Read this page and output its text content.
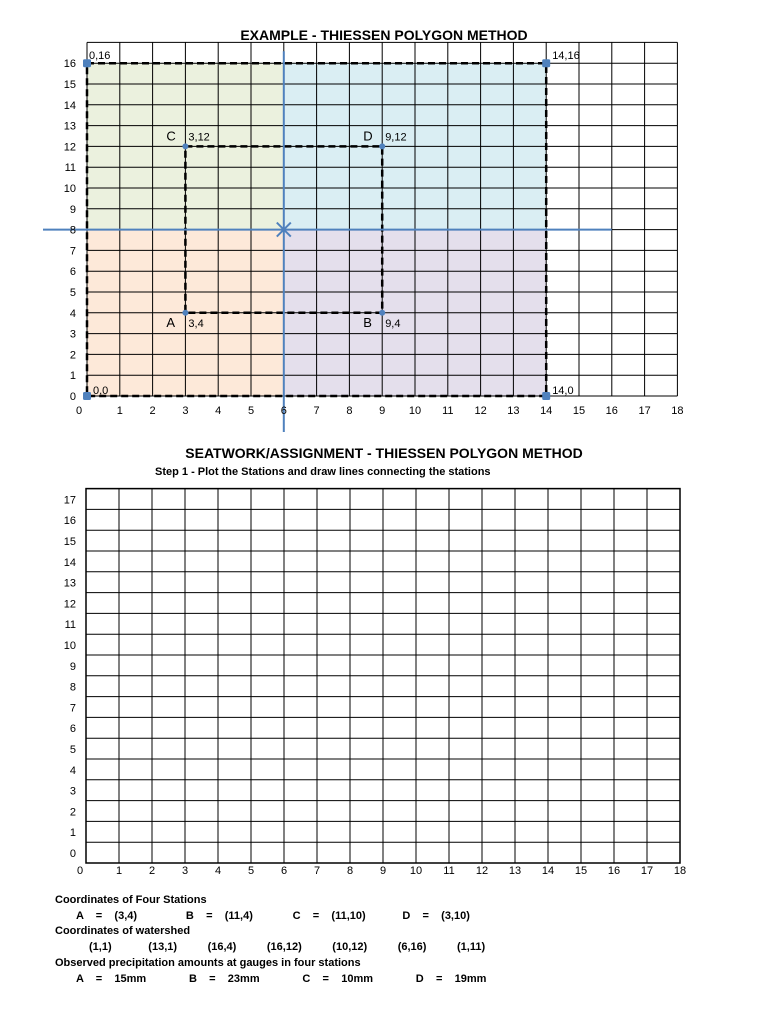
EXAMPLE - THIESSEN POLYGON METHOD
SEATWORK/ASSIGNMENT - THIESSEN POLYGON METHOD
Step 1 - Plot the Stations and draw lines connecting the stations
0,0
0,16	14,16
14,0
A 3,4	B 9,4
C 3,12	D 9,12
0	1 2 3 4 5 6 7 8 9 10 11 12 13 14 15 16 17 18
0
1
2
3
4
5
6
7
8
9
10
11
12
13
14
15
16
0	1 2 3 4 5 6 7 8 9 10 11 12 13 14 15 16 17 18
0
1
2
3
4
5
6
7
8
9
10
11
12
13
14
15
16
17
Coordinates of Four Stations
A    =    (3,4)                B    =    (11,4)             C    =    (11,10)            D    =    (3,10)
Coordinates of watershed
(1,1)            (13,1)          (16,4)          (16,12)          (10,12)          (6,16)          (1,11)
Observed precipitation amounts at gauges in four stations
A    =    15mm              B    =    23mm              C    =    10mm              D    =    19mm
